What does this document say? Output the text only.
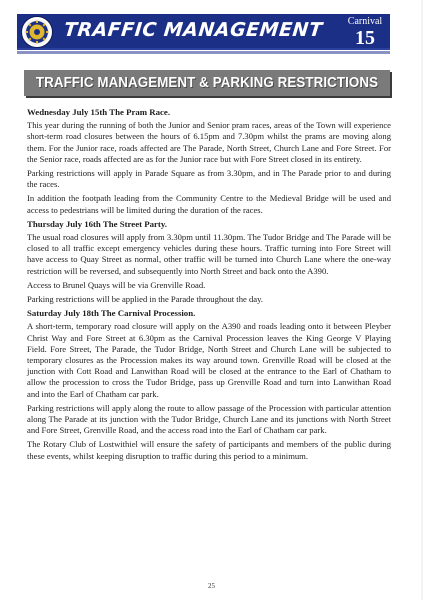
TRAFFIC MANAGEMENT	Carnival
15
TRAFFIC MANAGEMENT & PARKING RESTRICTIONS
Wednesday July 15th The Pram Race.

This year during the running of both the Junior and Senior pram races, areas of the Town will experience short-term road closures between the hours of 6.15pm and 7.30pm whilst the prams are moving along them. For the Junior race, roads affected are The Parade, North Street, Church Lane and Fore Street. For the Senior race, roads affected are as for the Junior race but with Fore Street closed in its entirety.

Parking restrictions will apply in Parade Square as from 3.30pm, and in The Parade prior to and during the races.

In addition the footpath leading from the Community Centre to the Medieval Bridge will be used and access to pedestrians will be limited during the duration of the races.

Thursday July 16th The Street Party.

The usual road closures will apply from 3.30pm until 11.30pm. The Tudor Bridge and The Parade will be closed to all traffic except emergency vehicles during these hours. Traffic turning into Fore Street will have access to Quay Street as normal, other traffic will be turned into Church Lane where the one-way restriction will be reversed, and subsequently into North Street and back onto the A390.

Access to Brunel Quays will be via Grenville Road.

Parking restrictions will be applied in the Parade throughout the day.

Saturday July 18th The Carnival Procession.

A short-term, temporary road closure will apply on the A390 and roads leading onto it between Pleyber Christ Way and Fore Street at 6.30pm as the Carnival Procession leaves the King George V Playing Field. Fore Street, The Parade, the Tudor Bridge, North Street and Church Lane will be subjected to temporary closures as the Procession makes its way around town. Grenville Road will be closed at the junction with Cott Road and Lanwithan Road will be closed at the entrance to the Earl of Chatham to allow the procession to cross the Tudor Bridge, pass up Grenville Road and turn into Lanwithan Road and into the Earl of Chatham car park.

Parking restrictions will apply along the route to allow passage of the Procession with particular attention along The Parade at its junction with the Tudor Bridge, Church Lane and its junctions with North Street and Fore Street, Grenville Road, and the access road into the Earl of Chatham car park.

The Rotary Club of Lostwithiel will ensure the safety of participants and members of the public during these events, whilst keeping disruption to traffic during this period to a minimum.

25
